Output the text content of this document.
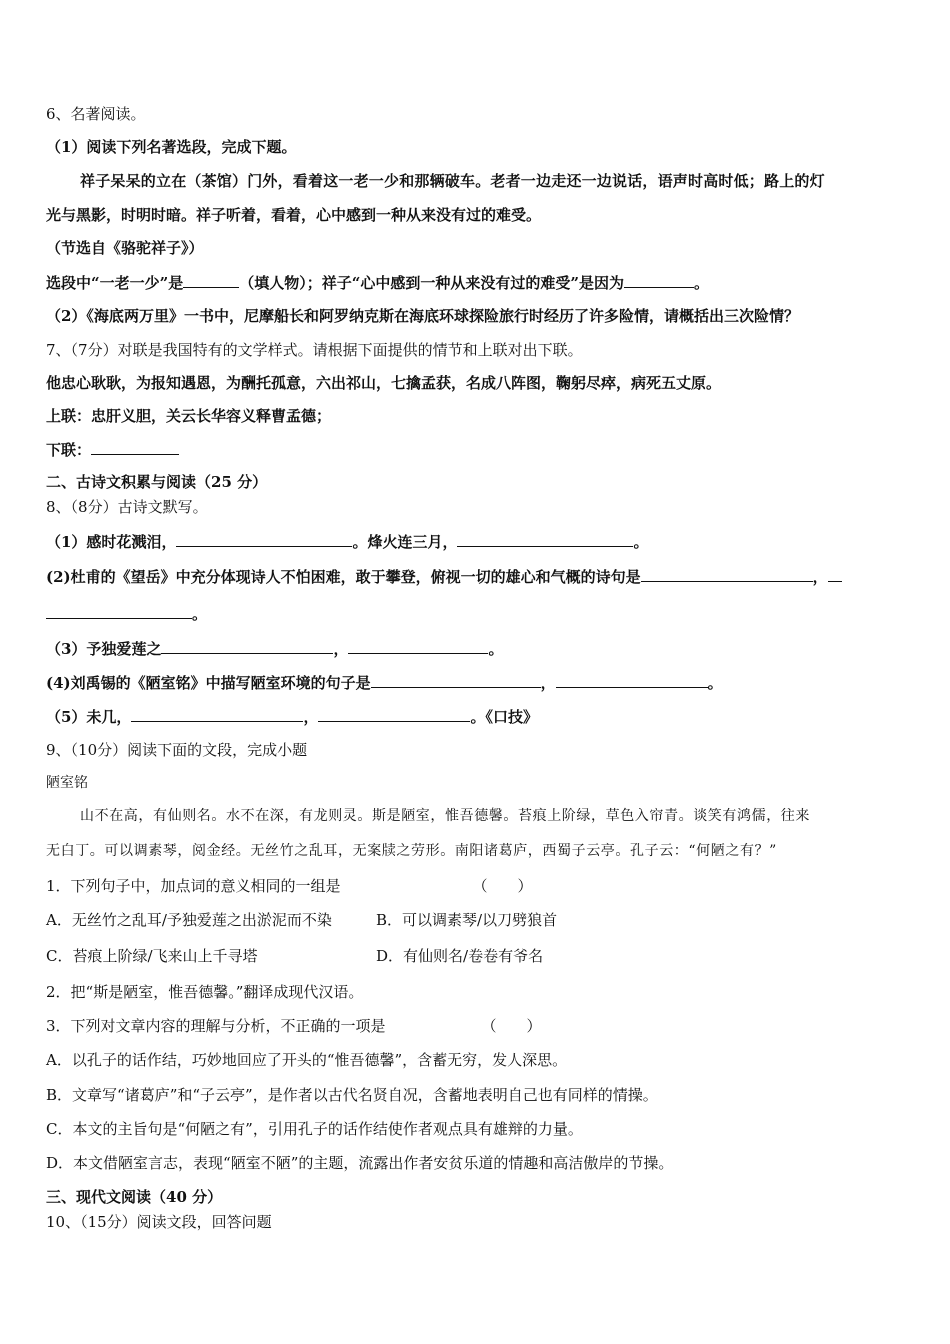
6、名著阅读。
（1）阅读下列名著选段，完成下题。
祥子呆呆的立在（茶馆）门外，看着这一老一少和那辆破车。老者一边走还一边说话，语声时高时低；路上的灯
光与黑影，时明时暗。祥子听着，看着，心中感到一种从来没有过的难受。
（节选自《骆驼祥子》）
选段中“一老一少”是	（填人物）；祥子“心中感到一种从来没有过的难受”是因为	。
（2）《海底两万里》一书中，尼摩船长和阿罗纳克斯在海底环球探险旅行时经历了许多险情，请概括出三次险情？
7、（7分）对联是我国特有的文学样式。请根据下面提供的情节和上联对出下联。
他忠心耿耿，为报知遇恩，为酬托孤意，六出祁山，七擒孟获，名成八阵图，鞠躬尽瘁，病死五丈原。
上联：忠肝义胆，关云长华容义释曹孟德；
下联：
二、古诗文积累与阅读（25 分）
8、（8分）古诗文默写。
（1）感时花溅泪，	。烽火连三月，	。
(2)杜甫的《望岳》中充分体现诗人不怕困难，敢于攀登，俯视一切的雄心和气概的诗句是	，
。
（3）予独爱莲之	，	。
(4)刘禹锡的《陋室铭》中描写陋室环境的句子是	，	。
（5）未几，	，	。《口技》
9、（10分）阅读下面的文段，完成小题
陋室铭
山不在高，有仙则名。水不在深，有龙则灵。斯是陋室，惟吾德馨。苔痕上阶绿，草色入帘青。谈笑有鸿儒，往来
无白丁。可以调素琴，阅金经。无丝竹之乱耳，无案牍之劳形。南阳诸葛庐，西蜀子云亭。孔子云：“何陋之有？”
1．下列句子中，加点词的意义相同的一组是	（　　）
A．无丝竹之乱耳/予独爱莲之出淤泥而不染	B．可以调素琴/以刀劈狼首
C．苔痕上阶绿/飞来山上千寻塔	D．有仙则名/卷卷有爷名
2．把“斯是陋室，惟吾德馨。”翻译成现代汉语。
3．下列对文章内容的理解与分析，不正确的一项是	（　　）
A．以孔子的话作结，巧妙地回应了开头的“惟吾德馨”，含蓄无穷，发人深思。
B．文章写“诸葛庐”和“子云亭”，是作者以古代名贤自况，含蓄地表明自己也有同样的情操。
C．本文的主旨句是“何陋之有”，引用孔子的话作结使作者观点具有雄辩的力量。
D．本文借陋室言志，表现“陋室不陋”的主题，流露出作者安贫乐道的情趣和高洁傲岸的节操。
三、现代文阅读（40 分）
10、（15分）阅读文段，回答问题
